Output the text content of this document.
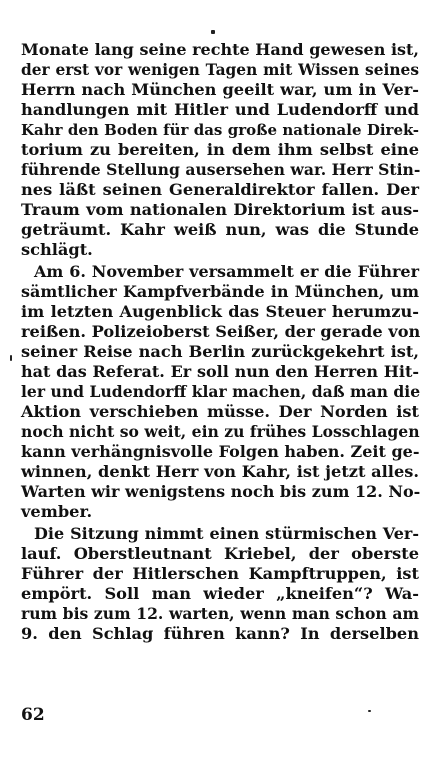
Monate lang seine rechte Hand gewesen ist,
der erst vor wenigen Tagen mit Wissen seines
Herrn nach München geeilt war, um in Ver-
handlungen mit Hitler und Ludendorff und
Kahr den Boden für das große nationale Direk-
torium zu bereiten, in dem ihm selbst eine
führende Stellung ausersehen war. Herr Stin-
nes läßt seinen Generaldirektor fallen. Der
Traum vom nationalen Direktorium ist aus-
geträumt. Kahr weiß nun, was die Stunde
schlägt.
Am 6. November versammelt er die Führer
sämtlicher Kampfverbände in München, um
im letzten Augenblick das Steuer herumzu-
reißen. Polizeioberst Seißer, der gerade von
seiner Reise nach Berlin zurückgekehrt ist,
hat das Referat. Er soll nun den Herren Hit-
ler und Ludendorff klar machen, daß man die
Aktion verschieben müsse. Der Norden ist
noch nicht so weit, ein zu frühes Losschlagen
kann verhängnisvolle Folgen haben. Zeit ge-
winnen, denkt Herr von Kahr, ist jetzt alles.
Warten wir wenigstens noch bis zum 12. No-
vember.
Die Sitzung nimmt einen stürmischen Ver-
lauf. Oberstleutnant Kriebel, der oberste
Führer der Hitlerschen Kampftruppen, ist
empört. Soll man wieder „kneifen“? Wa-
rum bis zum 12. warten, wenn man schon am
9. den Schlag führen kann? In derselben
62
